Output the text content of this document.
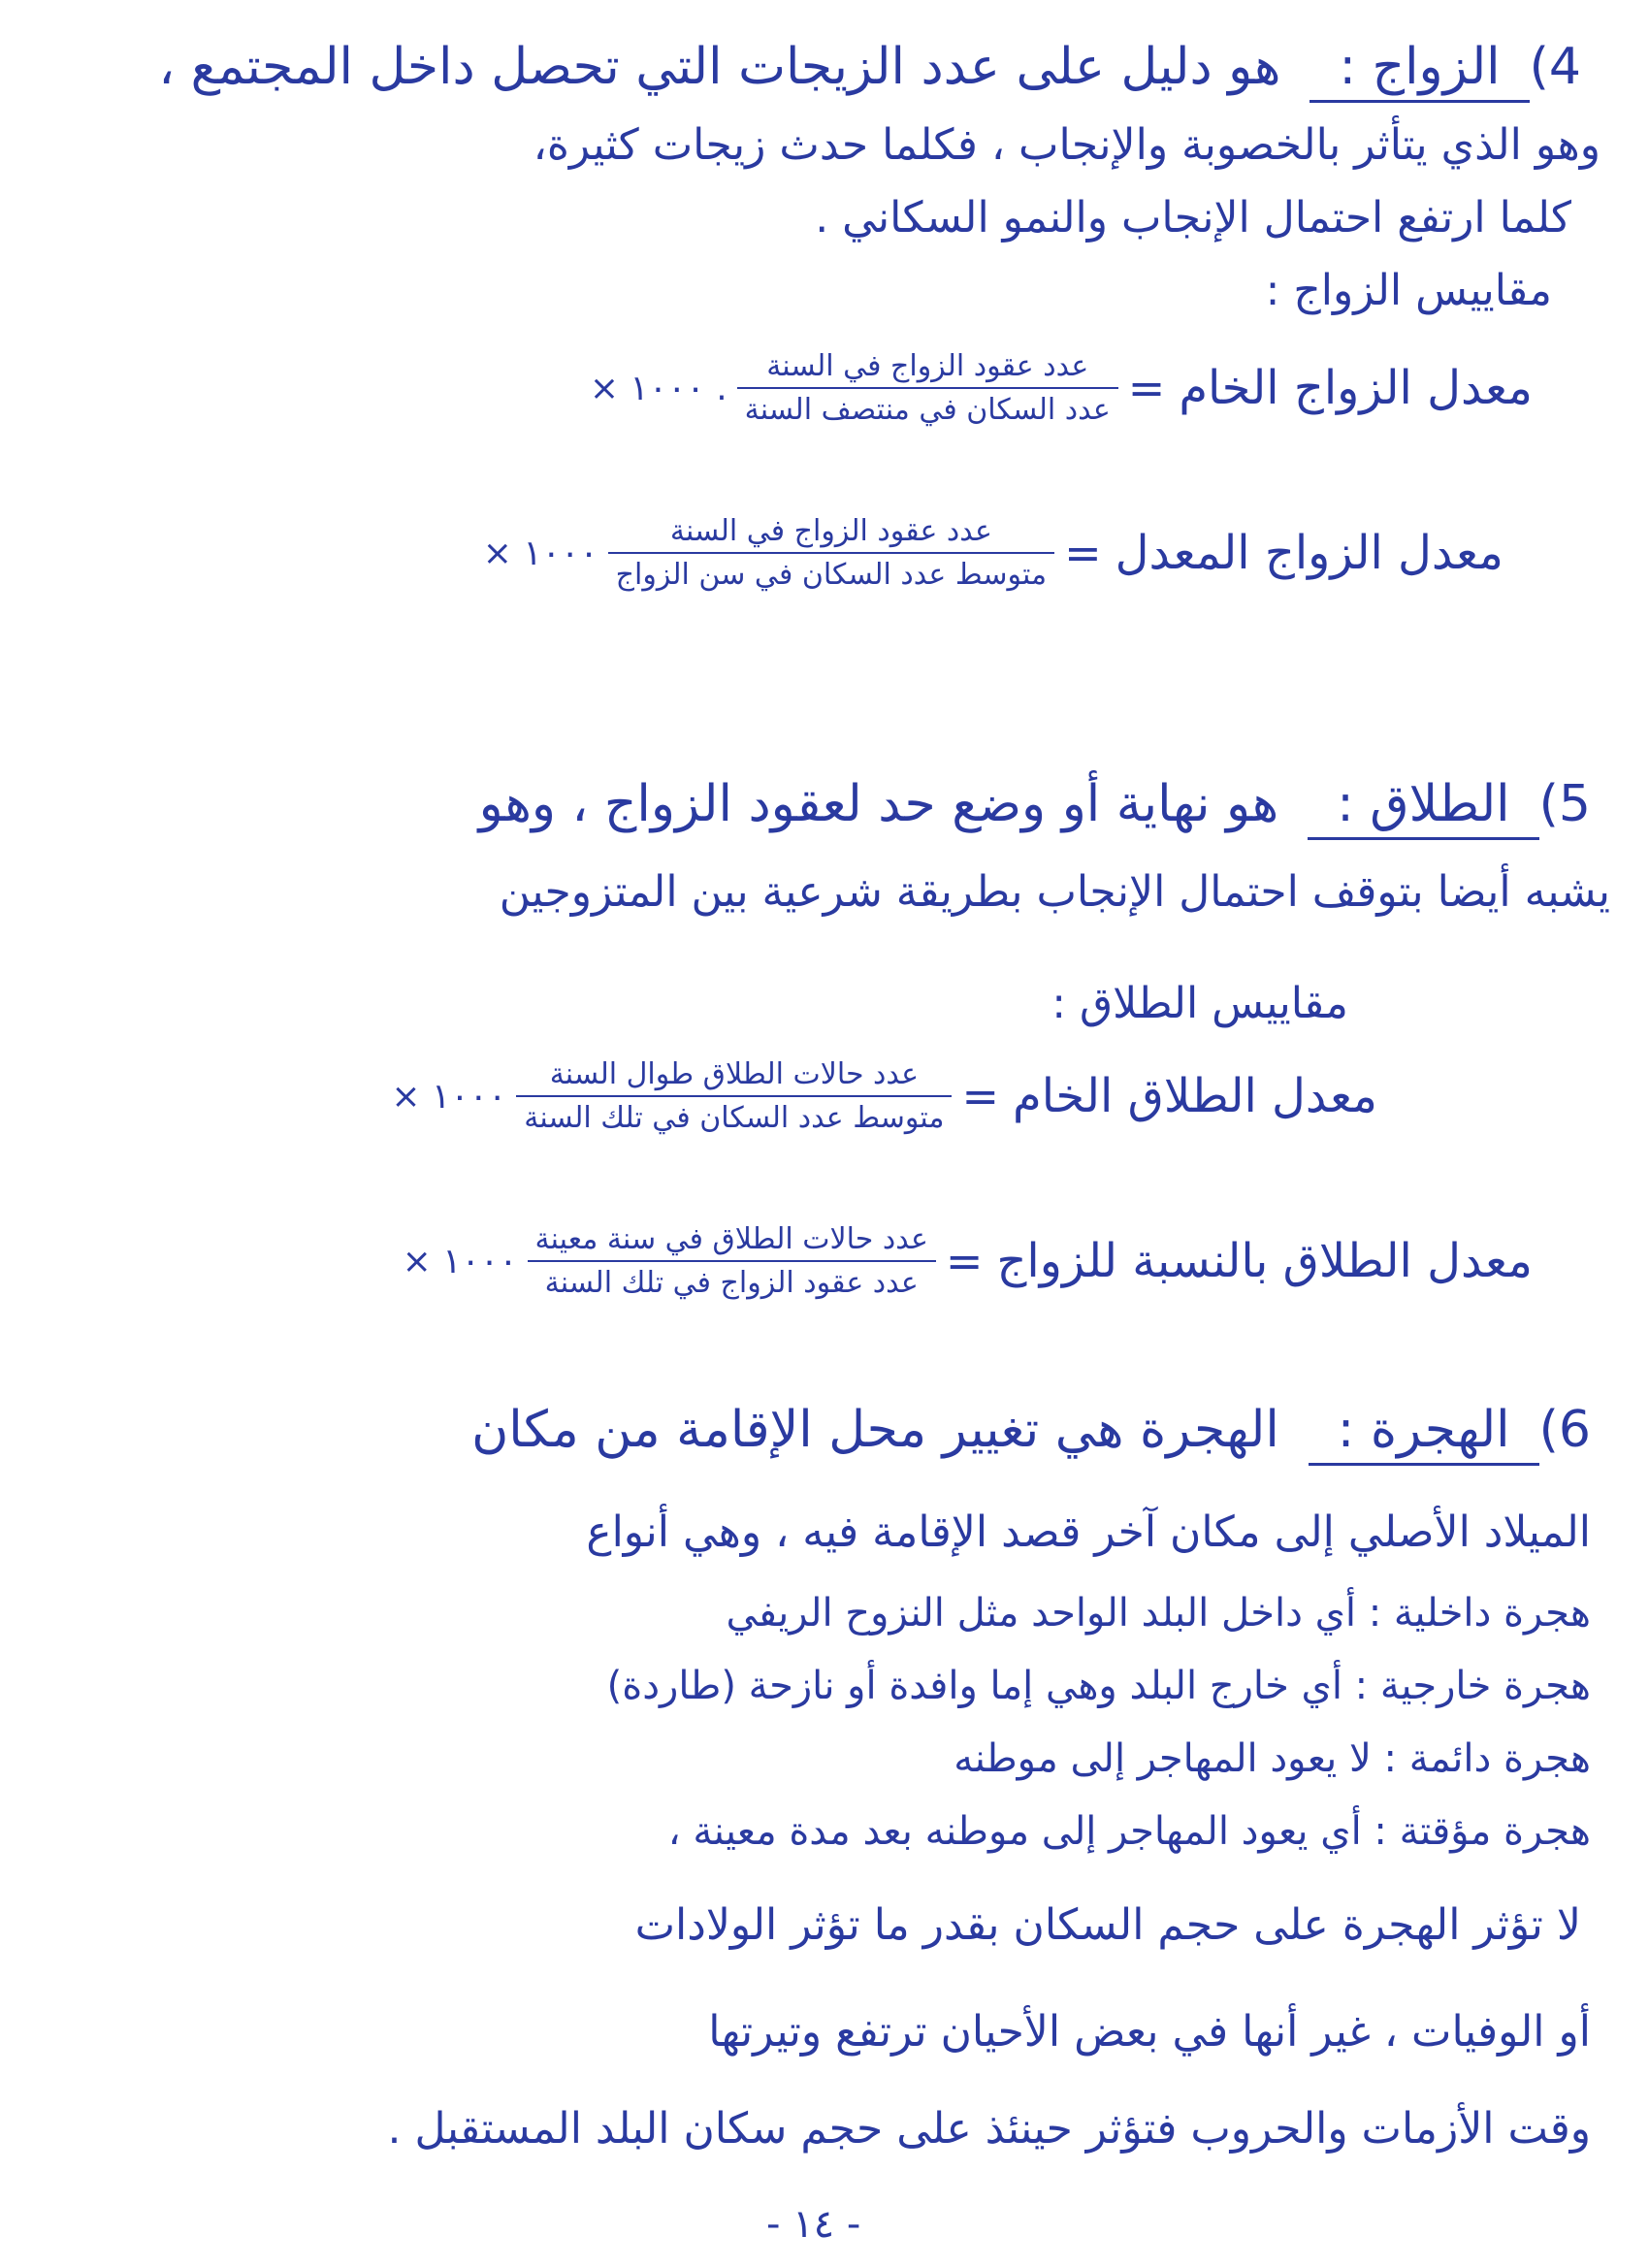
4)الزواج :هو دليل على عدد الزيجات التي تحصل داخل المجتمع ،
وهو الذي يتأثر بالخصوبة والإنجاب ، فكلما حدث زيجات كثيرة،
كلما ارتفع احتمال الإنجاب والنمو السكاني .
مقاييس الزواج :
معدل الزواج الخام
=
$\frac{\text{عدد عقود الزواج في السنة}}{\text{عدد السكان في منتصف السنة}}$
× ١٠٠٠ .
معدل الزواج المعدل
=
$\frac{\text{عدد عقود الزواج في السنة}}{\text{متوسط عدد السكان في سن الزواج}}$
× ١٠٠٠
5)الطلاق :هو نهاية أو وضع حد لعقود الزواج ، وهو
يشبه أيضا بتوقف احتمال الإنجاب بطريقة شرعية بين المتزوجين
مقاييس الطلاق :
معدل الطلاق الخام
=
$\frac{\text{عدد حالات الطلاق طوال السنة}}{\text{متوسط عدد السكان في تلك السنة}}$
× ١٠٠٠
معدل الطلاق بالنسبة للزواج
=
$\frac{\text{عدد حالات الطلاق في سنة معينة}}{\text{عدد عقود الزواج في تلك السنة}}$
× ١٠٠٠
6)الهجرة :الهجرة هي تغيير محل الإقامة من مكان
الميلاد الأصلي إلى مكان آخر قصد الإقامة فيه ، وهي أنواع
هجرة داخلية : أي داخل البلد الواحد مثل النزوح الريفي
هجرة خارجية : أي خارج البلد وهي إما وافدة أو نازحة (طاردة)
هجرة دائمة : لا يعود المهاجر إلى موطنه
هجرة مؤقتة : أي يعود المهاجر إلى موطنه بعد مدة معينة ،
لا تؤثر الهجرة على حجم السكان بقدر ما تؤثر الولادات
أو الوفيات ، غير أنها في بعض الأحيان ترتفع وتيرتها
وقت الأزمات والحروب فتؤثر حينئذ على حجم سكان البلد المستقبل .
- ١٤ -
